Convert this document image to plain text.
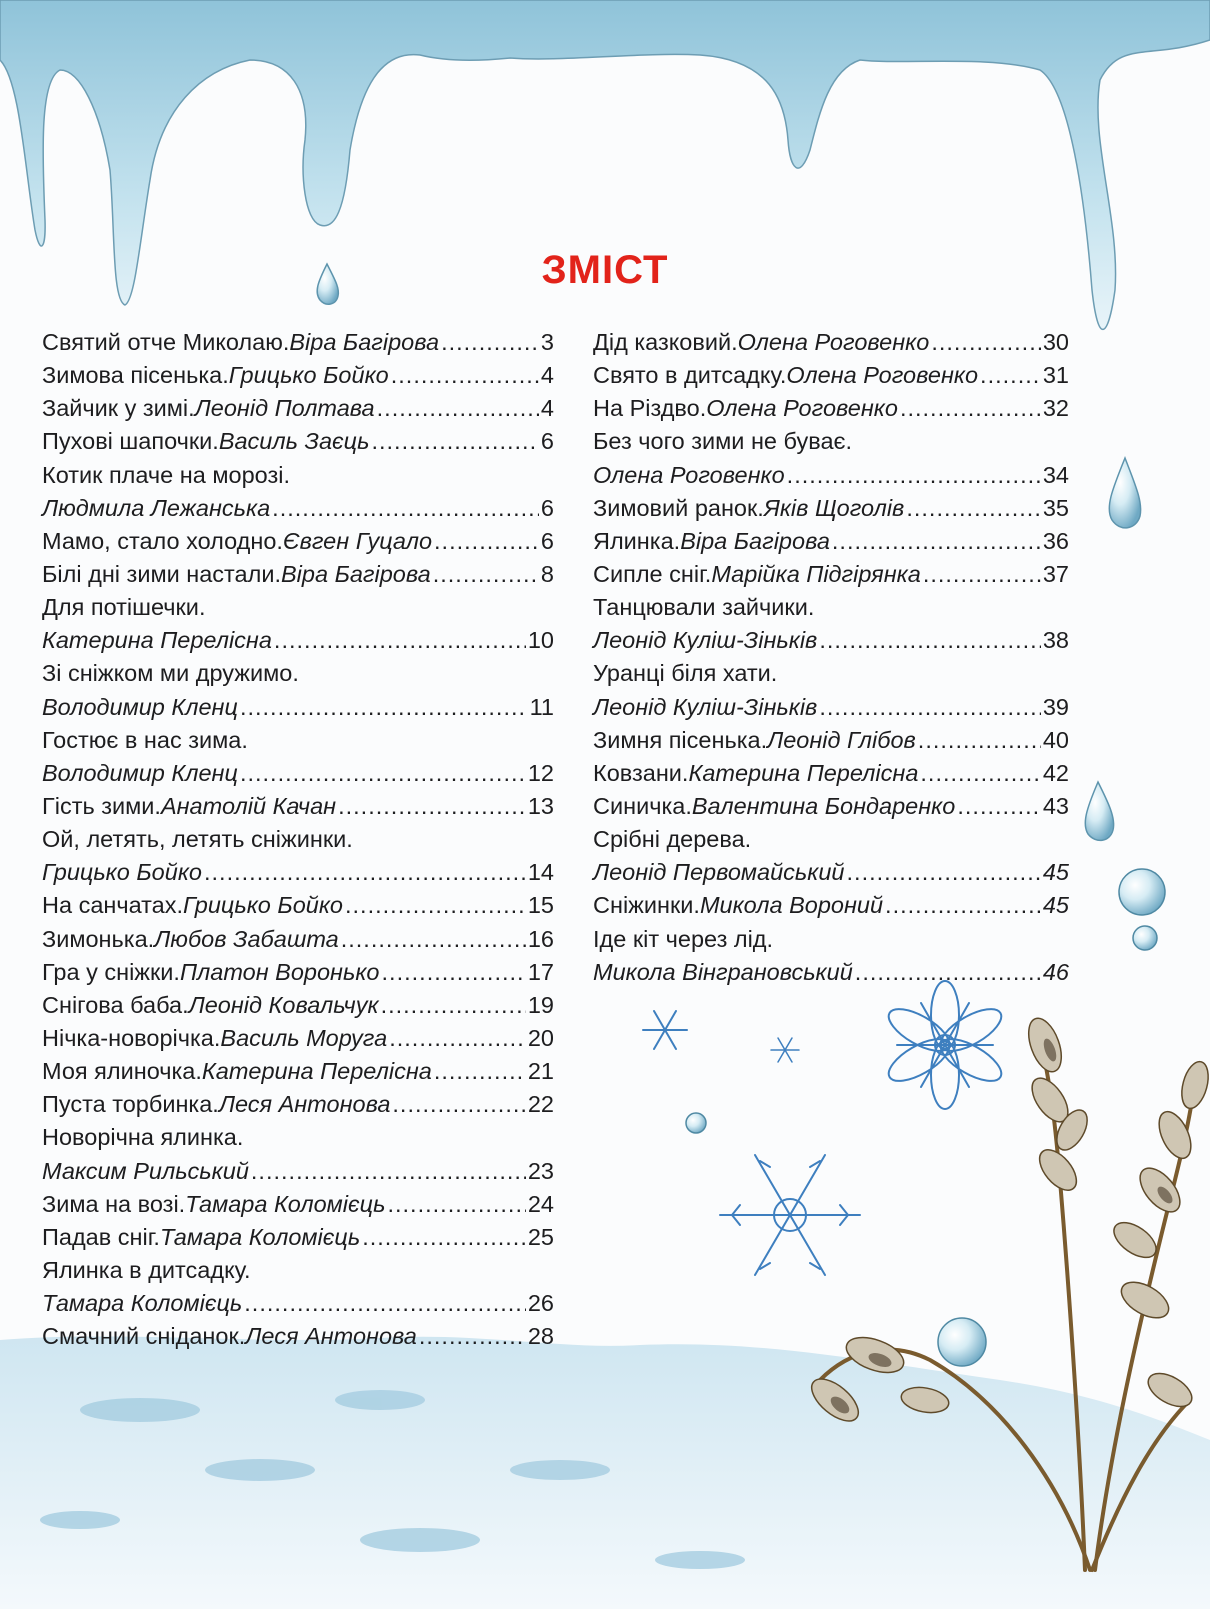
ЗМІСТ
Святий отче Миколаю. Віра Багірова .....	3
Зимова пісенька. Грицько Бойко .....	4
Зайчик у зимі. Леонід Полтава .....	4
Пухові шапочки. Василь Заєць .....	6
Котик плаче на морозі.
Людмила Лежанська .....	6
Мамо, стало холодно. Євген Гуцало .....	6
Білі дні зими настали. Віра Багірова .....	8
Для потішечки.
Катерина Перелісна .....	10
Зі сніжком ми дружимо.
Володимир Кленц .....	11
Гостює в нас зима.
Володимир Кленц .....	12
Гість зими. Анатолій Качан .....	13
Ой, летять, летять сніжинки.
Грицько Бойко .....	14
На санчатах. Грицько Бойко .....	15
Зимонька. Любов Забашта .....	16
Гра у сніжки. Платон Воронько .....	17
Снігова баба. Леонід Ковальчук .....	19
Нічка-новорічка. Василь Моруга .....	20
Моя ялиночка. Катерина Перелісна .....	21
Пуста торбинка. Леся Антонова .....	22
Новорічна ялинка.
Максим Рильський .....	23
Зима на возі. Тамара Коломієць .....	24
Падав сніг. Тамара Коломієць .....	25
Ялинка в дитсадку.
Тамара Коломієць .....	26
Смачний сніданок. Леся Антонова .....	28
Дід казковий. Олена Роговенко .....	30
Свято в дитсадку. Олена Роговенко .....	31
На Різдво. Олена Роговенко .....	32
Без чого зими не буває.
Олена Роговенко .....	34
Зимовий ранок. Яків Щоголів .....	35
Ялинка. Віра Багірова .....	36
Сипле сніг. Марійка Підгірянка .....	37
Танцювали зайчики.
Леонід Куліш-Зіньків .....	38
Уранці біля хати.
Леонід Куліш-Зіньків .....	39
Зимня пісенька. Леонід Глібов .....	40
Ковзани. Катерина Перелісна .....	42
Синичка. Валентина Бондаренко .....	43
Срібні дерева.
Леонід Первомайський .....	45
Сніжинки. Микола Вороний .....	45
Іде кіт через лід.
Микола Вінграновський .....	46
